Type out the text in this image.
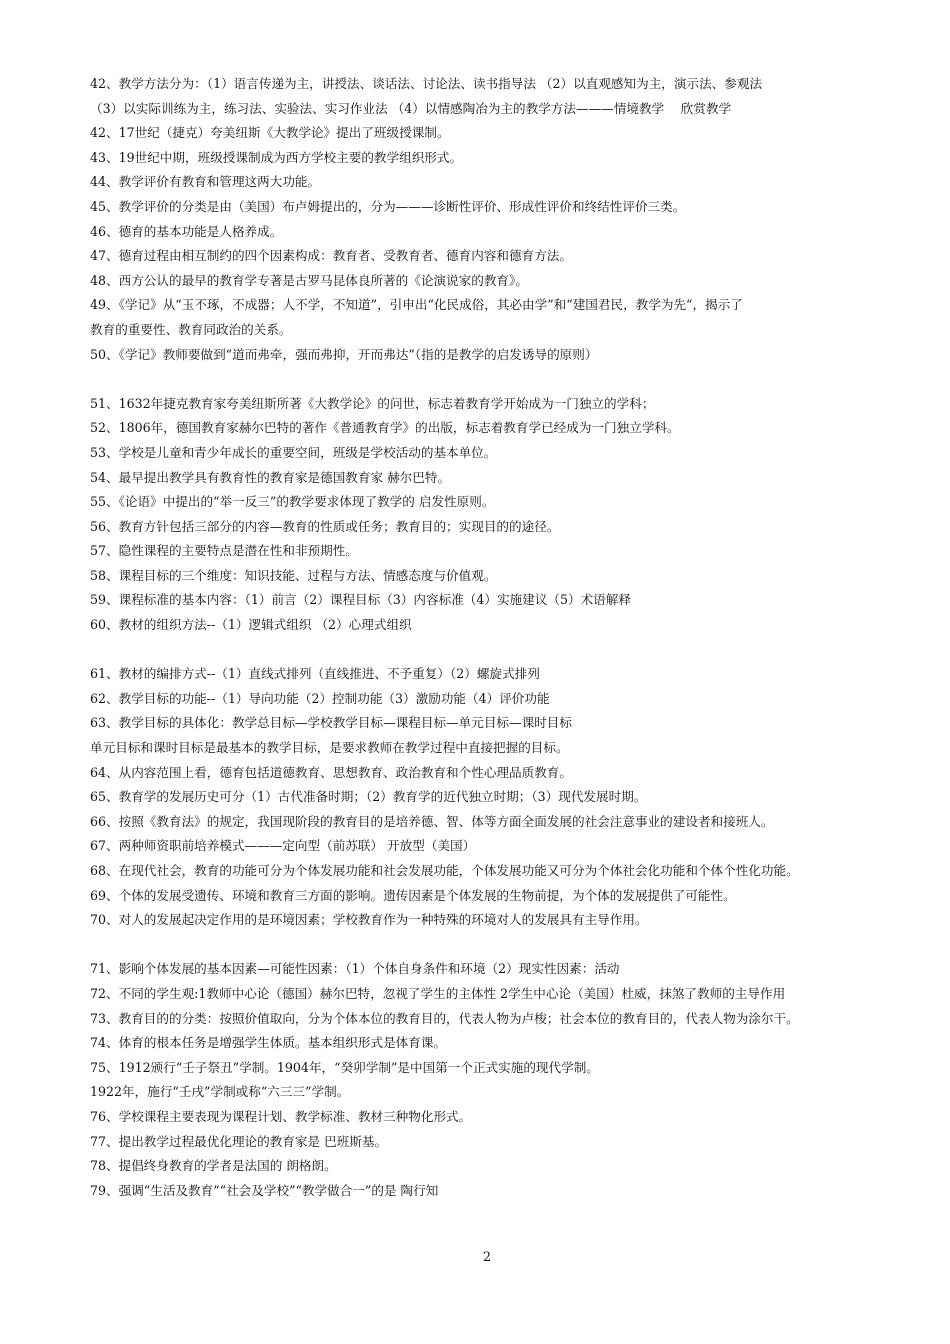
42、教学方法分为：（1）语言传递为主，讲授法、谈话法、讨论法、读书指导法 （2）以直观感知为主，演示法、参观法
（3）以实际训练为主，练习法、实验法、实习作业法 （4）以情感陶冶为主的教学方法———情境教学　 欣赏教学
42、17世纪（捷克）夸美纽斯《大教学论》提出了班级授课制。
43、19世纪中期，班级授课制成为西方学校主要的教学组织形式。
44、教学评价有教育和管理这两大功能。
45、教学评价的分类是由（美国）布卢姆提出的，分为———诊断性评价、形成性评价和终结性评价三类。
46、德育的基本功能是人格养成。
47、德育过程由相互制约的四个因素构成：教育者、受教育者、德育内容和德育方法。
48、西方公认的最早的教育学专著是古罗马昆体良所著的《论演说家的教育》。
49、《学记》从“玉不琢，不成器；人不学，不知道”，引申出“化民成俗，其必由学”和“建国君民，教学为先“，揭示了
教育的重要性、教育同政治的关系。
50、《学记》教师要做到“道而弗牵，强而弗抑，开而弗达”（指的是教学的启发诱导的原则）
51、1632年捷克教育家夸美纽斯所著《大教学论》的问世，标志着教育学开始成为一门独立的学科；
52、1806年，德国教育家赫尔巴特的著作《普通教育学》的出版，标志着教育学已经成为一门独立学科。
53、学校是儿童和青少年成长的重要空间，班级是学校活动的基本单位。
54、最早提出教学具有教育性的教育家是德国教育家 赫尔巴特。
55、《论语》中提出的“举一反三”的教学要求体现了教学的 启发性原则。
56、教育方针包括三部分的内容—教育的性质或任务；教育目的；实现目的的途径。
57、隐性课程的主要特点是潜在性和非预期性。
58、课程目标的三个维度：知识技能、过程与方法、情感态度与价值观。
59、课程标准的基本内容：（1）前言（2）课程目标（3）内容标准（4）实施建议（5）术语解释
60、教材的组织方法--（1）逻辑式组织 （2）心理式组织
61、教材的编排方式--（1）直线式排列（直线推进、不予重复）（2）螺旋式排列
62、教学目标的功能--（1）导向功能（2）控制功能（3）激励功能（4）评价功能
63、教学目标的具体化：教学总目标—学校教学目标—课程目标—单元目标—课时目标
单元目标和课时目标是最基本的教学目标，是要求教师在教学过程中直接把握的目标。
64、从内容范围上看，德育包括道德教育、思想教育、政治教育和个性心理品质教育。
65、教育学的发展历史可分（1）古代准备时期；（2）教育学的近代独立时期；（3）现代发展时期。
66、按照《教育法》的规定，我国现阶段的教育目的是培养德、智、体等方面全面发展的社会注意事业的建设者和接班人。
67、两种师资职前培养模式———定向型（前苏联） 开放型（美国）
68、在现代社会，教育的功能可分为个体发展功能和社会发展功能，个体发展功能又可分为个体社会化功能和个体个性化功能。
69、个体的发展受遗传、环境和教育三方面的影响。遗传因素是个体发展的生物前提，为个体的发展提供了可能性。
70、对人的发展起决定作用的是环境因素；学校教育作为一种特殊的环境对人的发展具有主导作用。
71、影响个体发展的基本因素—可能性因素：（1）个体自身条件和环境（2）现实性因素：活动
72、不同的学生观:1教师中心论（德国）赫尔巴特，忽视了学生的主体性 2学生中心论（美国）杜威，抹煞了教师的主导作用
73、教育目的的分类：按照价值取向，分为个体本位的教育目的，代表人物为卢梭；社会本位的教育目的，代表人物为涂尔干。
74、体育的根本任务是增强学生体质。基本组织形式是体育课。
75、1912颁行“壬子祭丑”学制。1904年，“癸卯学制”是中国第一个正式实施的现代学制。
1922年，施行“壬戌”学制或称“六三三”学制。
76、学校课程主要表现为课程计划、教学标准、教材三种物化形式。
77、提出教学过程最优化理论的教育家是 巴班斯基。
78、提倡终身教育的学者是法国的 朗格朗。
79、强调“生活及教育”“社会及学校”“教学做合一”的是 陶行知
2
